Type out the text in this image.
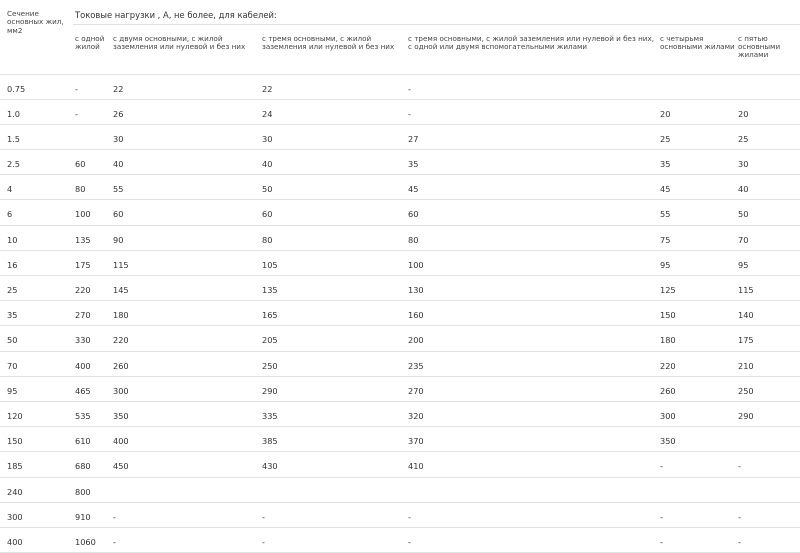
Сечение основных жил, мм2	Токовые нагрузки , А, не более, для кабелей:					
	с одной жилой	с двумя основными, с жилой заземления или нулевой и без них	с тремя основными, с жилой заземления или нулевой и без них	с тремя основными, с жилой заземления или нулевой и без них, с одной или двумя вспомогательными жилами	с четырьмя основными жилами	с пятью основными жилами
0.75	-	22	22	-		
1.0	-	26	24	-	20	20
1.5		30	30	27	25	25
2.5	60	40	40	35	35	30
4	80	55	50	45	45	40
6	100	60	60	60	55	50
10	135	90	80	80	75	70
16	175	115	105	100	95	95
25	220	145	135	130	125	115
35	270	180	165	160	150	140
50	330	220	205	200	180	175
70	400	260	250	235	220	210
95	465	300	290	270	260	250
120	535	350	335	320	300	290
150	610	400	385	370	350	
185	680	450	430	410	-	-
240	800					
300	910	-	-	-	-	-
400	1060	-	-	-	-	-
